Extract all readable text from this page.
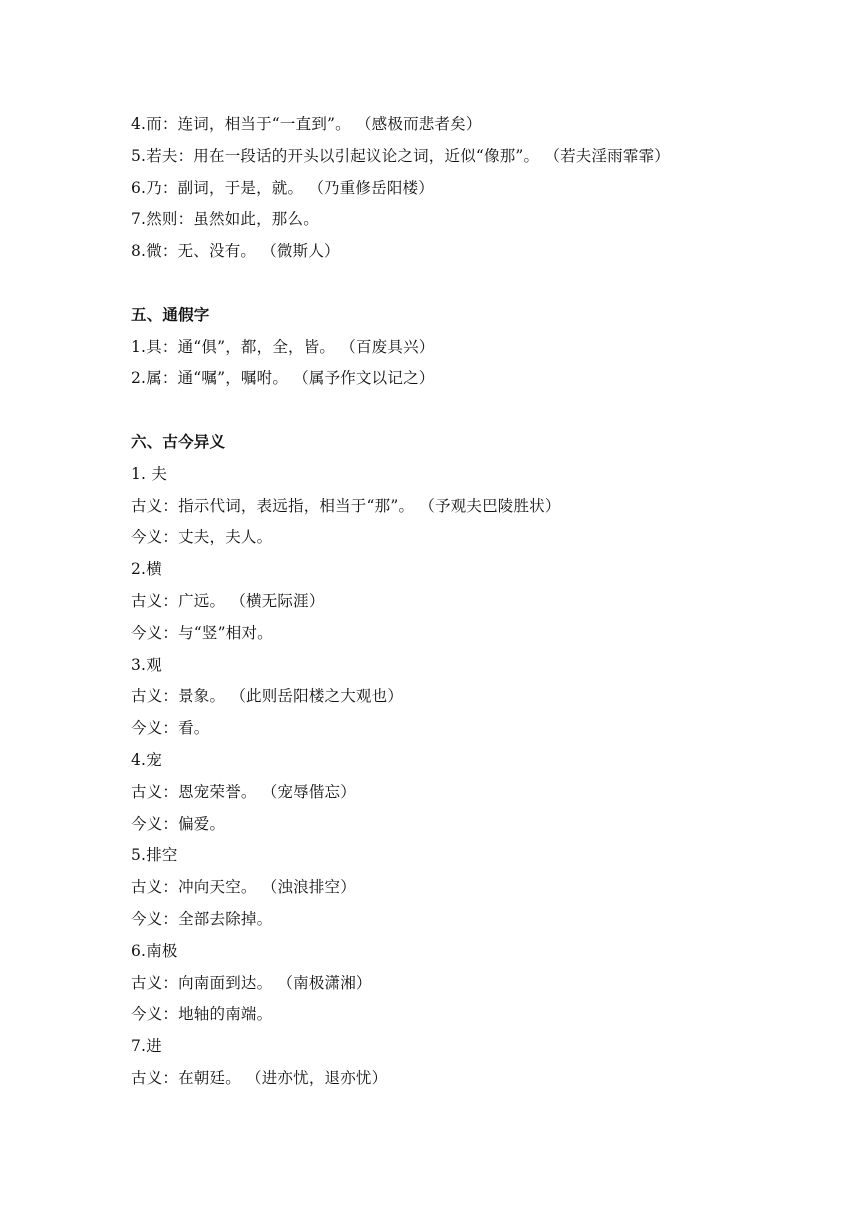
4.而：连词，相当于“一直到”。 （感极而悲者矣）
5.若夫：用在一段话的开头以引起议论之词，近似“像那”。 （若夫淫雨霏霏）
6.乃：副词，于是，就。 （乃重修岳阳楼）
7.然则：虽然如此，那么。
8.微：无、没有。 （微斯人）
五、通假字
1.具：通“俱”，都，全，皆。 （百废具兴）
2.属：通“嘱”，嘱咐。 （属予作文以记之）
六、古今异义
1. 夫
古义：指示代词，表远指，相当于“那”。 （予观夫巴陵胜状）
今义：丈夫，夫人。
2.横
古义：广远。 （横无际涯）
今义：与“竖”相对。
3.观
古义：景象。 （此则岳阳楼之大观也）
今义：看。
4.宠
古义：恩宠荣誉。 （宠辱偕忘）
今义：偏爱。
5.排空
古义：冲向天空。 （浊浪排空）
今义：全部去除掉。
6.南极
古义：向南面到达。 （南极潇湘）
今义：地轴的南端。
7.进
古义：在朝廷。 （进亦忧，退亦忧）
